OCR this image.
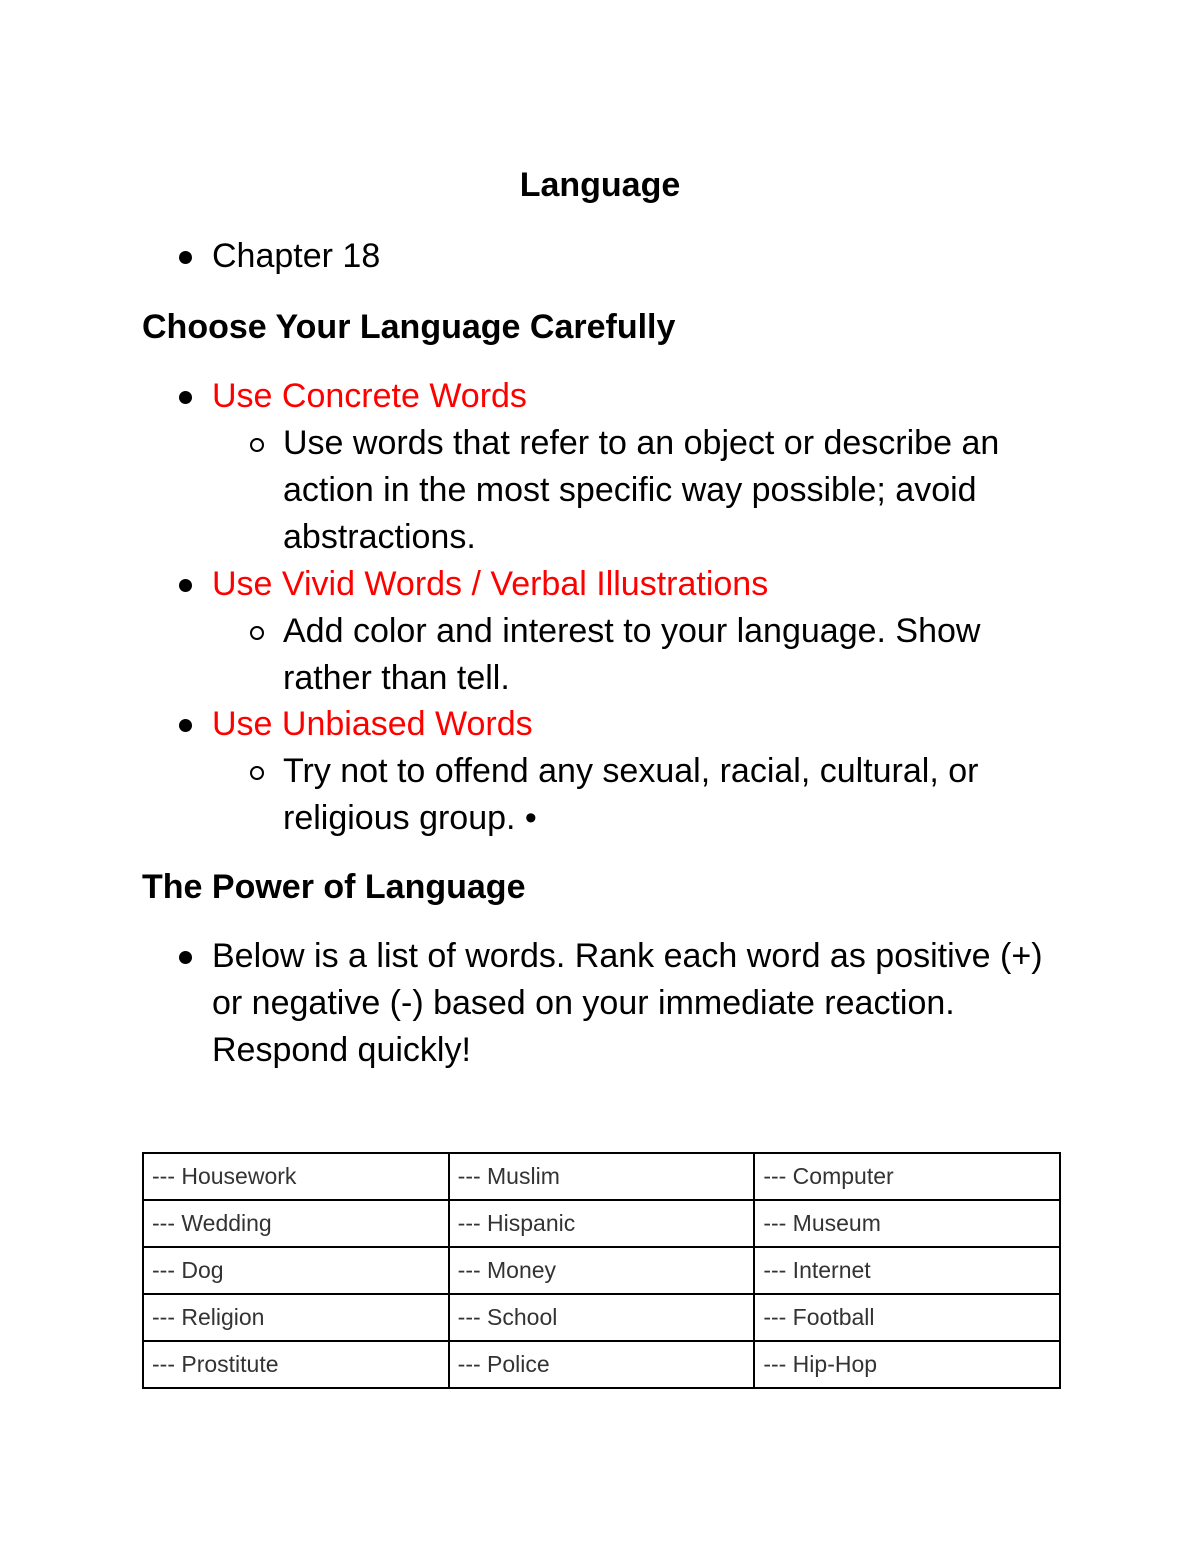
Language
Chapter 18
Choose Your Language Carefully
Use Concrete Words
Use words that refer to an object or describe an action in the most specific way possible; avoid abstractions.
Use Vivid Words / Verbal Illustrations
Add color and interest to your language. Show rather than tell.
Use Unbiased Words
Try not to offend any sexual, racial, cultural, or religious group. •
The Power of Language
Below is a list of words. Rank each word as positive (+) or negative (-) based on your immediate reaction. Respond quickly!
--- Housework	--- Muslim	--- Computer
--- Wedding	--- Hispanic	--- Museum
--- Dog	--- Money	--- Internet
--- Religion	--- School	--- Football
--- Prostitute	--- Police	--- Hip-Hop
